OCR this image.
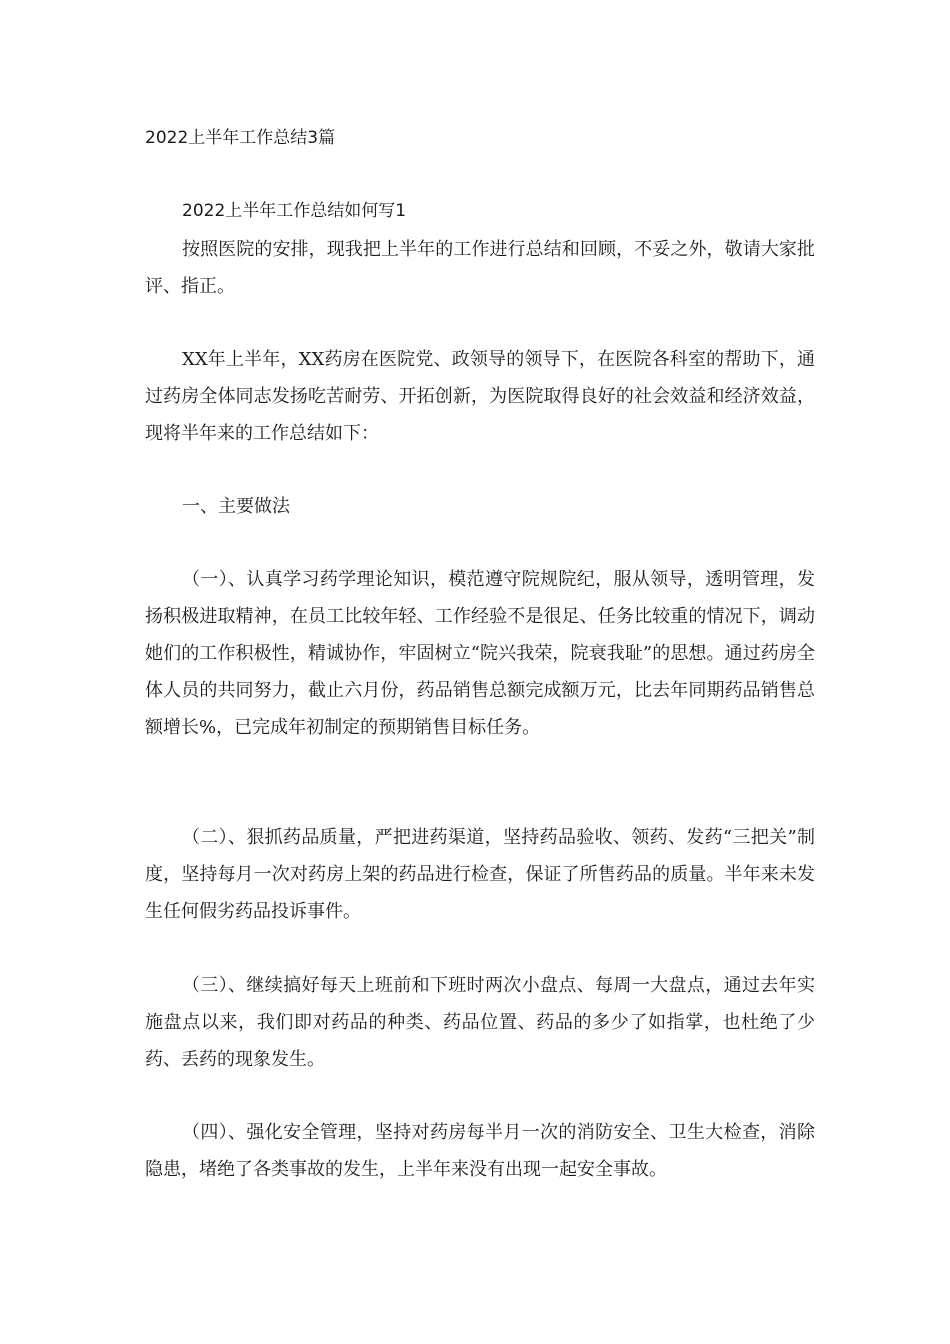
2022上半年工作总结3篇
2022上半年工作总结如何写1

按照医院的安排，现我把上半年的工作进行总结和回顾，不妥之外，敬请大家批评、指正。

XX年上半年，XX药房在医院党、政领导的领导下，在医院各科室的帮助下，通过药房全体同志发扬吃苦耐劳、开拓创新，为医院取得良好的社会效益和经济效益，现将半年来的工作总结如下：

一、主要做法

（一）、认真学习药学理论知识，模范遵守院规院纪，服从领导，透明管理，发扬积极进取精神，在员工比较年轻、工作经验不是很足、任务比较重的情况下，调动她们的工作积极性，精诚协作，牢固树立“院兴我荣，院衰我耻”的思想。通过药房全体人员的共同努力，截止六月份，药品销售总额完成额万元，比去年同期药品销售总额增长%，已完成年初制定的预期销售目标任务。

（二）、狠抓药品质量，严把进药渠道，坚持药品验收、领药、发药“三把关”制度，坚持每月一次对药房上架的药品进行检查，保证了所售药品的质量。半年来未发生任何假劣药品投诉事件。

（三）、继续搞好每天上班前和下班时两次小盘点、每周一大盘点，通过去年实施盘点以来，我们即对药品的种类、药品位置、药品的多少了如指掌，也杜绝了少药、丢药的现象发生。

（四）、强化安全管理，坚持对药房每半月一次的消防安全、卫生大检查，消除隐患，堵绝了各类事故的发生，上半年来没有出现一起安全事故。
